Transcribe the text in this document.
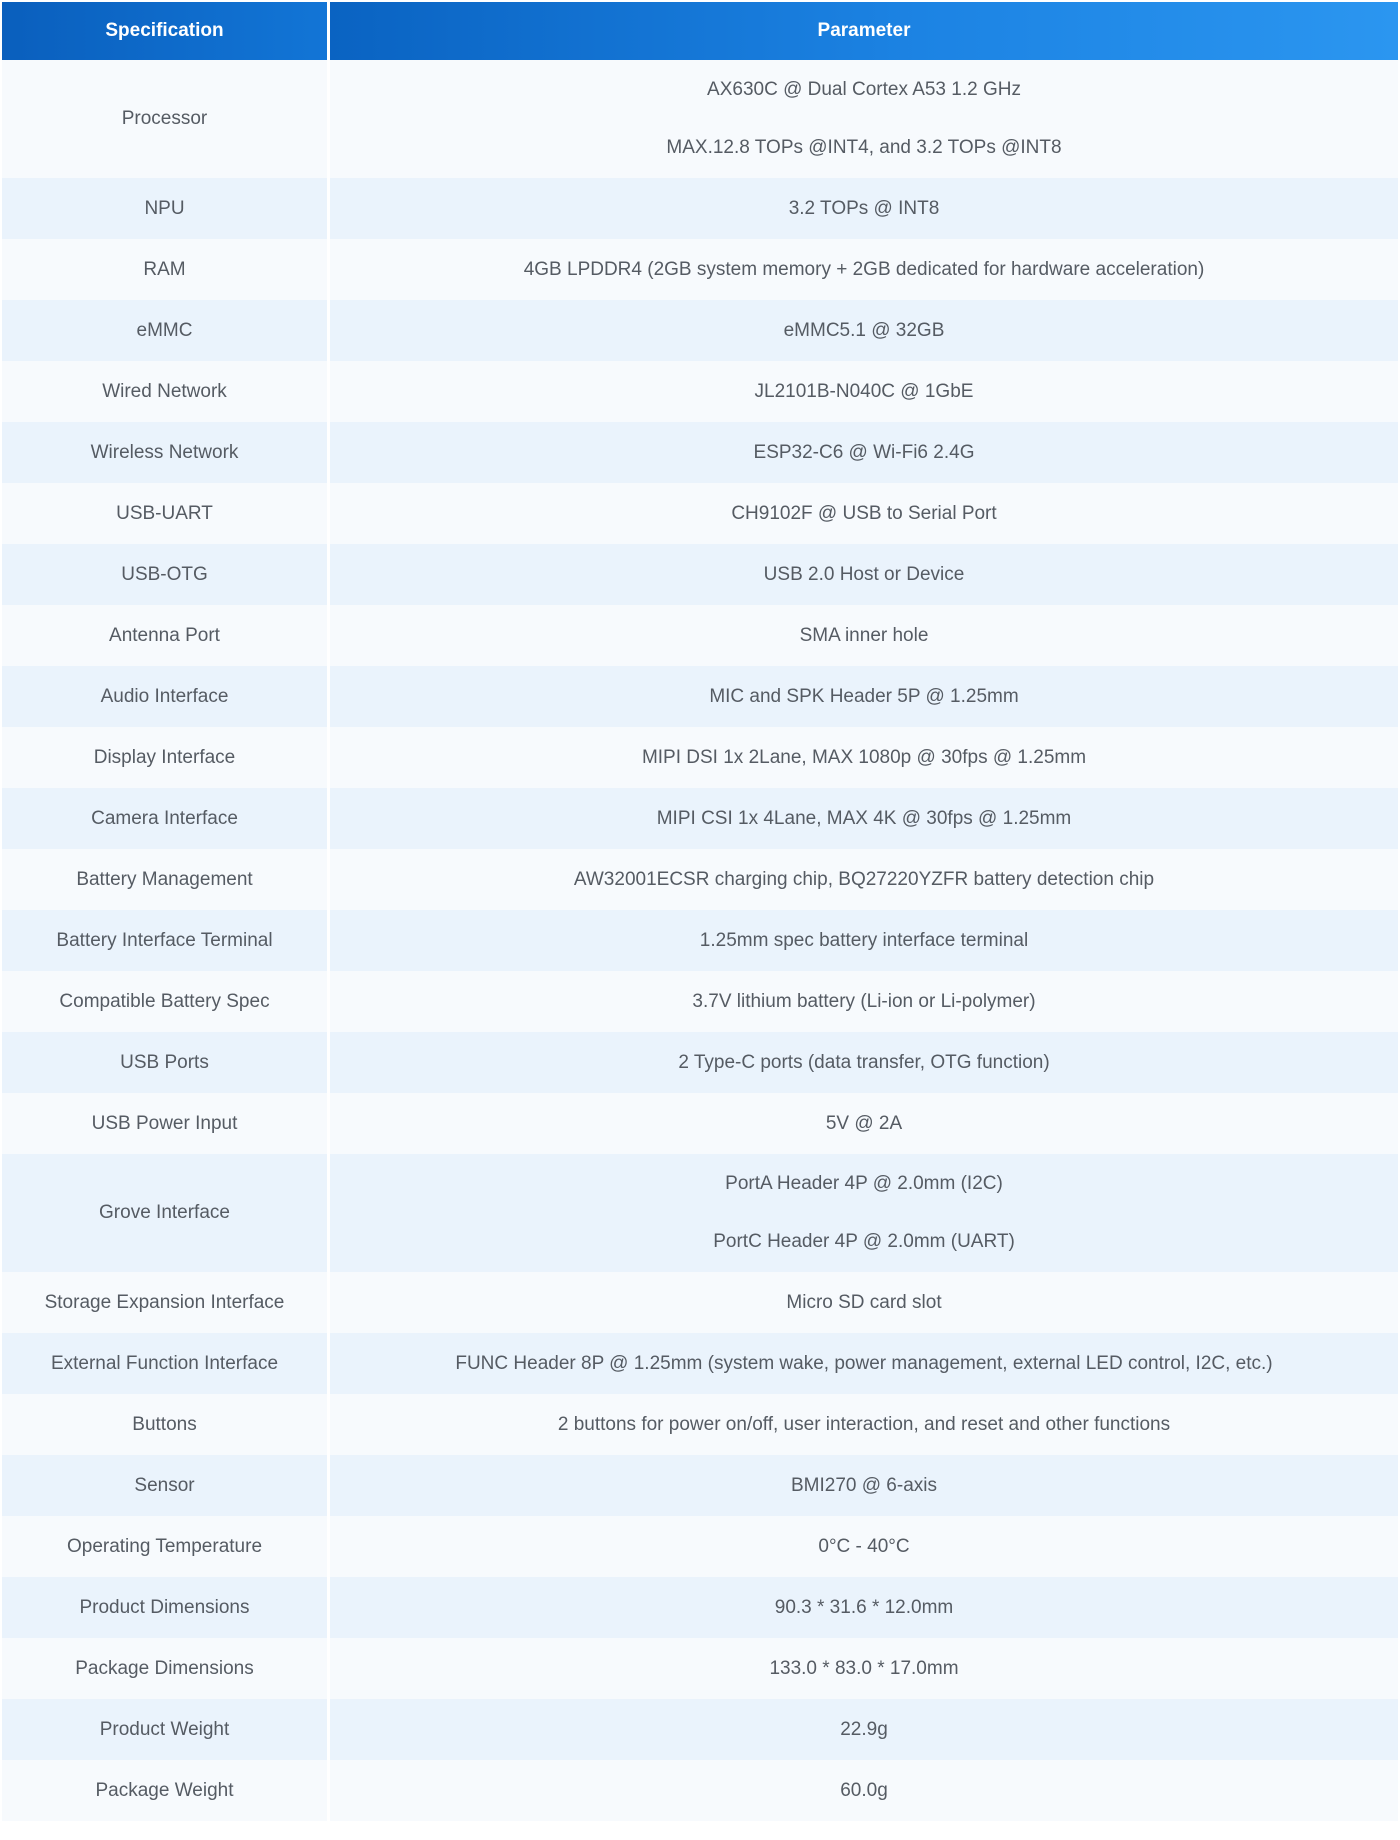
Specification	Parameter
Processor	AX630C @ Dual Cortex A53 1.2 GHz
MAX.12.8 TOPs @INT4, and 3.2 TOPs @INT8

NPU	3.2 TOPs @ INT8
RAM	4GB LPDDR4 (2GB system memory + 2GB dedicated for hardware acceleration)
eMMC	eMMC5.1 @ 32GB
Wired Network	JL2101B-N040C @ 1GbE
Wireless Network	ESP32-C6 @ Wi-Fi6 2.4G
USB-UART	CH9102F @ USB to Serial Port
USB-OTG	USB 2.0 Host or Device
Antenna Port	SMA inner hole
Audio Interface	MIC and SPK Header 5P @ 1.25mm
Display Interface	MIPI DSI 1x 2Lane, MAX 1080p @ 30fps @ 1.25mm
Camera Interface	MIPI CSI 1x 4Lane, MAX 4K @ 30fps @ 1.25mm
Battery Management	AW32001ECSR charging chip, BQ27220YZFR battery detection chip
Battery Interface Terminal	1.25mm spec battery interface terminal
Compatible Battery Spec	3.7V lithium battery (Li-ion or Li-polymer)
USB Ports	2 Type-C ports (data transfer, OTG function)
USB Power Input	5V @ 2A
Grove Interface	PortA Header 4P @ 2.0mm (I2C)
PortC Header 4P @ 2.0mm (UART)

Storage Expansion Interface	Micro SD card slot
External Function Interface	FUNC Header 8P @ 1.25mm (system wake, power management, external LED control, I2C, etc.)
Buttons	2 buttons for power on/off, user interaction, and reset and other functions
Sensor	BMI270 @ 6-axis
Operating Temperature	0°C - 40°C
Product Dimensions	90.3 * 31.6 * 12.0mm
Package Dimensions	133.0 * 83.0 * 17.0mm
Product Weight	22.9g
Package Weight	60.0g
